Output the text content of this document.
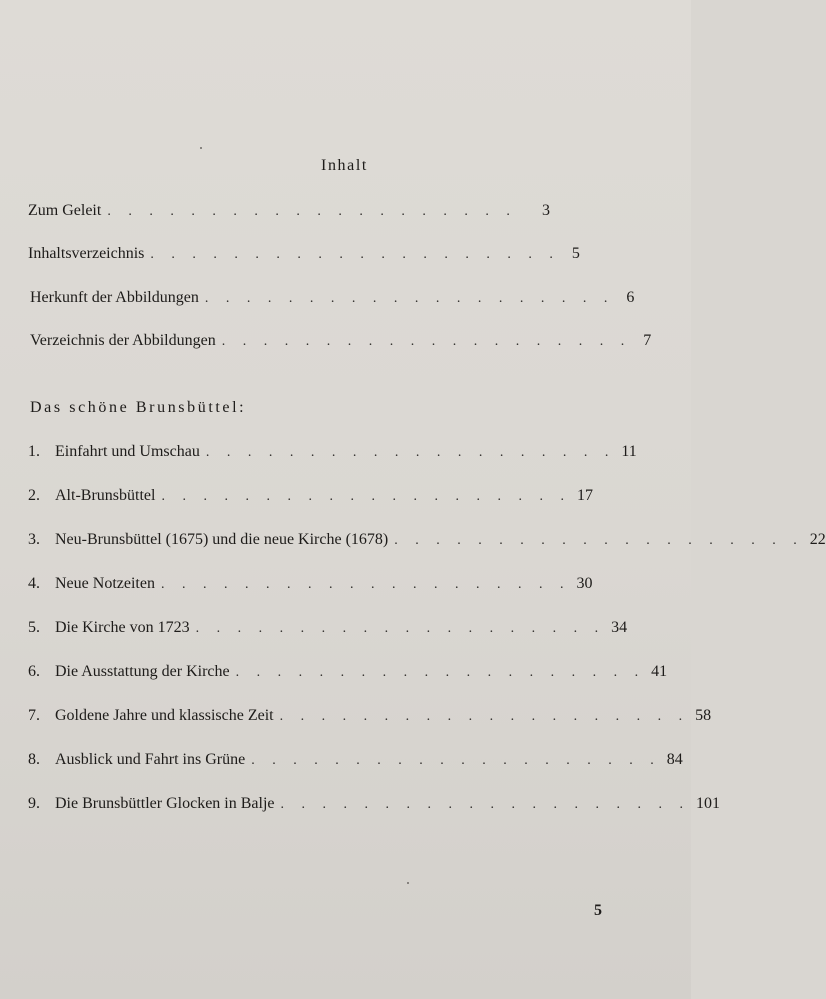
Inhalt
Zum Geleit . . . . . . . . . . . . . . . . . . . .	3
Inhaltsverzeichnis . . . . . . . . . . . . . . . . . . . . 5
Herkunft der Abbildungen . . . . . . . . . . . . . . . . . . . . 6
Verzeichnis der Abbildungen . . . . . . . . . . . . . . . . . . . . 7
Das schöne Brunsbüttel:
1. Einfahrt und Umschau . . . . . . . . . . . . . . . . . . . . 11
2. Alt-Brunsbüttel . . . . . . . . . . . . . . . . . . . . 17
3. Neu-Brunsbüttel (1675) und die neue Kirche (1678) . . . . . . . . . . . . . . . . . . . . 22
4. Neue Notzeiten . . . . . . . . . . . . . . . . . . . . 30
5. Die Kirche von 1723 . . . . . . . . . . . . . . . . . . . . 34
6. Die Ausstattung der Kirche . . . . . . . . . . . . . . . . . . . . 41
7. Goldene Jahre und klassische Zeit . . . . . . . . . . . . . . . . . . . . 58
8. Ausblick und Fahrt ins Grüne . . . . . . . . . . . . . . . . . . . . 84
9. Die Brunsbüttler Glocken in Balje . . . . . . . . . . . . . . . . . . . . 101
5
